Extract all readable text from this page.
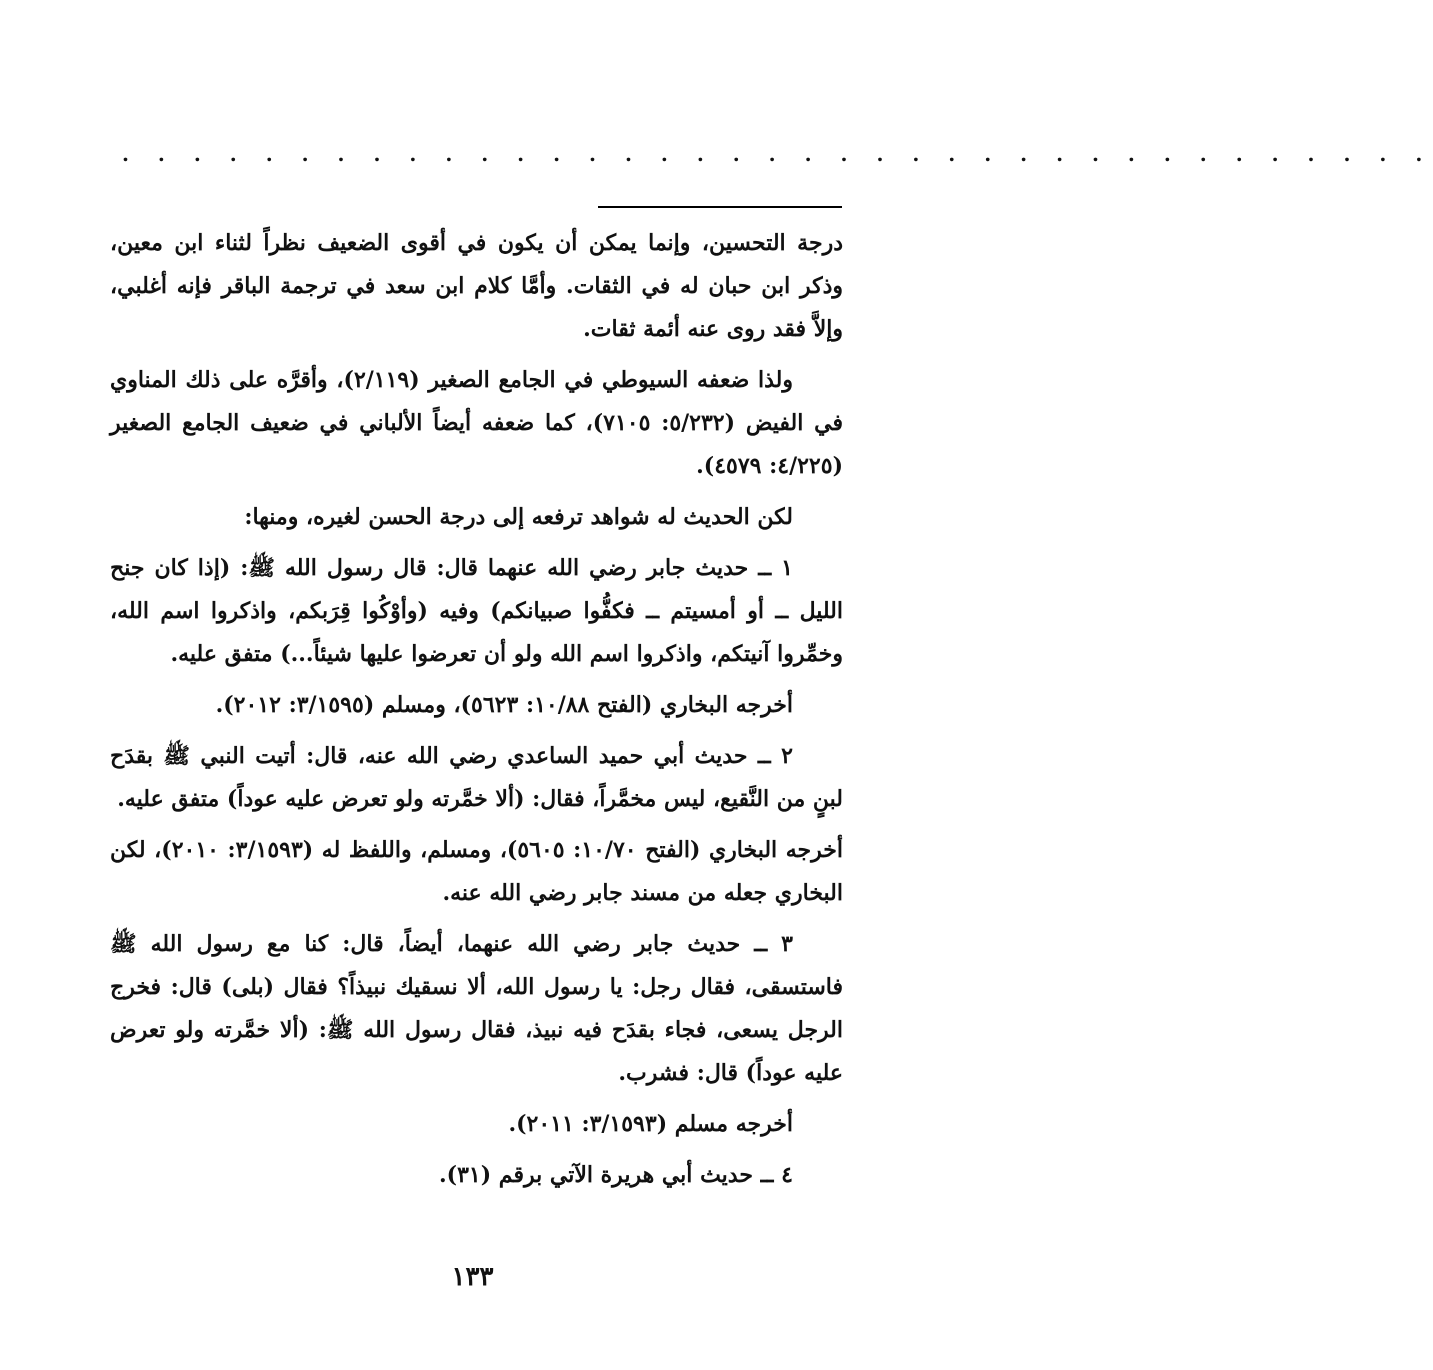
. . . . . . . . . . . . . . . . . . . . . . . . . . . . . . . . . . . . .

درجة التحسين، وإنما يمكن أن يكون في أقوى الضعيف نظراً لثناء ابن معين، وذكر ابن حبان له في الثقات. وأمَّا كلام ابن سعد في ترجمة الباقر فإنه أغلبي، وإلاَّ فقد روى عنه أئمة ثقات.

ولذا ضعفه السيوطي في الجامع الصغير (٢/١١٩)، وأقرَّه على ذلك المناوي في الفيض (٥/٢٣٢: ٧١٠٥)، كما ضعفه أيضاً الألباني في ضعيف الجامع الصغير (٤/٢٢٥: ٤٥٧٩).

لكن الحديث له شواهد ترفعه إلى درجة الحسن لغيره، ومنها:

١ ــ حديث جابر رضي الله عنهما قال: قال رسول الله ﷺ: (إذا كان جنح الليل ــ أو أمسيتم ــ فكفُّوا صبيانكم) وفيه (وأوْكُوا قِرَبكم، واذكروا اسم الله، وخمِّروا آنيتكم، واذكروا اسم الله ولو أن تعرضوا عليها شيئاً...) متفق عليه.

أخرجه البخاري (الفتح ١٠/٨٨: ٥٦٢٣)، ومسلم (٣/١٥٩٥: ٢٠١٢).

٢ ــ حديث أبي حميد الساعدي رضي الله عنه، قال: أتيت النبي ﷺ بقدَح لبنٍ من النَّقيع، ليس مخمَّراً، فقال: (ألا خمَّرته ولو تعرض عليه عوداً) متفق عليه.

أخرجه البخاري (الفتح ١٠/٧٠: ٥٦٠٥)، ومسلم، واللفظ له (٣/١٥٩٣: ٢٠١٠)، لكن البخاري جعله من مسند جابر رضي الله عنه.

٣ ــ حديث جابر رضي الله عنهما، أيضاً، قال: كنا مع رسول الله ﷺ فاستسقى، فقال رجل: يا رسول الله، ألا نسقيك نبيذاً؟ فقال (بلى) قال: فخرج الرجل يسعى، فجاء بقدَح فيه نبيذ، فقال رسول الله ﷺ: (ألا خمَّرته ولو تعرض عليه عوداً) قال: فشرب.

أخرجه مسلم (٣/١٥٩٣: ٢٠١١).

٤ ــ حديث أبي هريرة الآتي برقم (٣١).

١٣٣
